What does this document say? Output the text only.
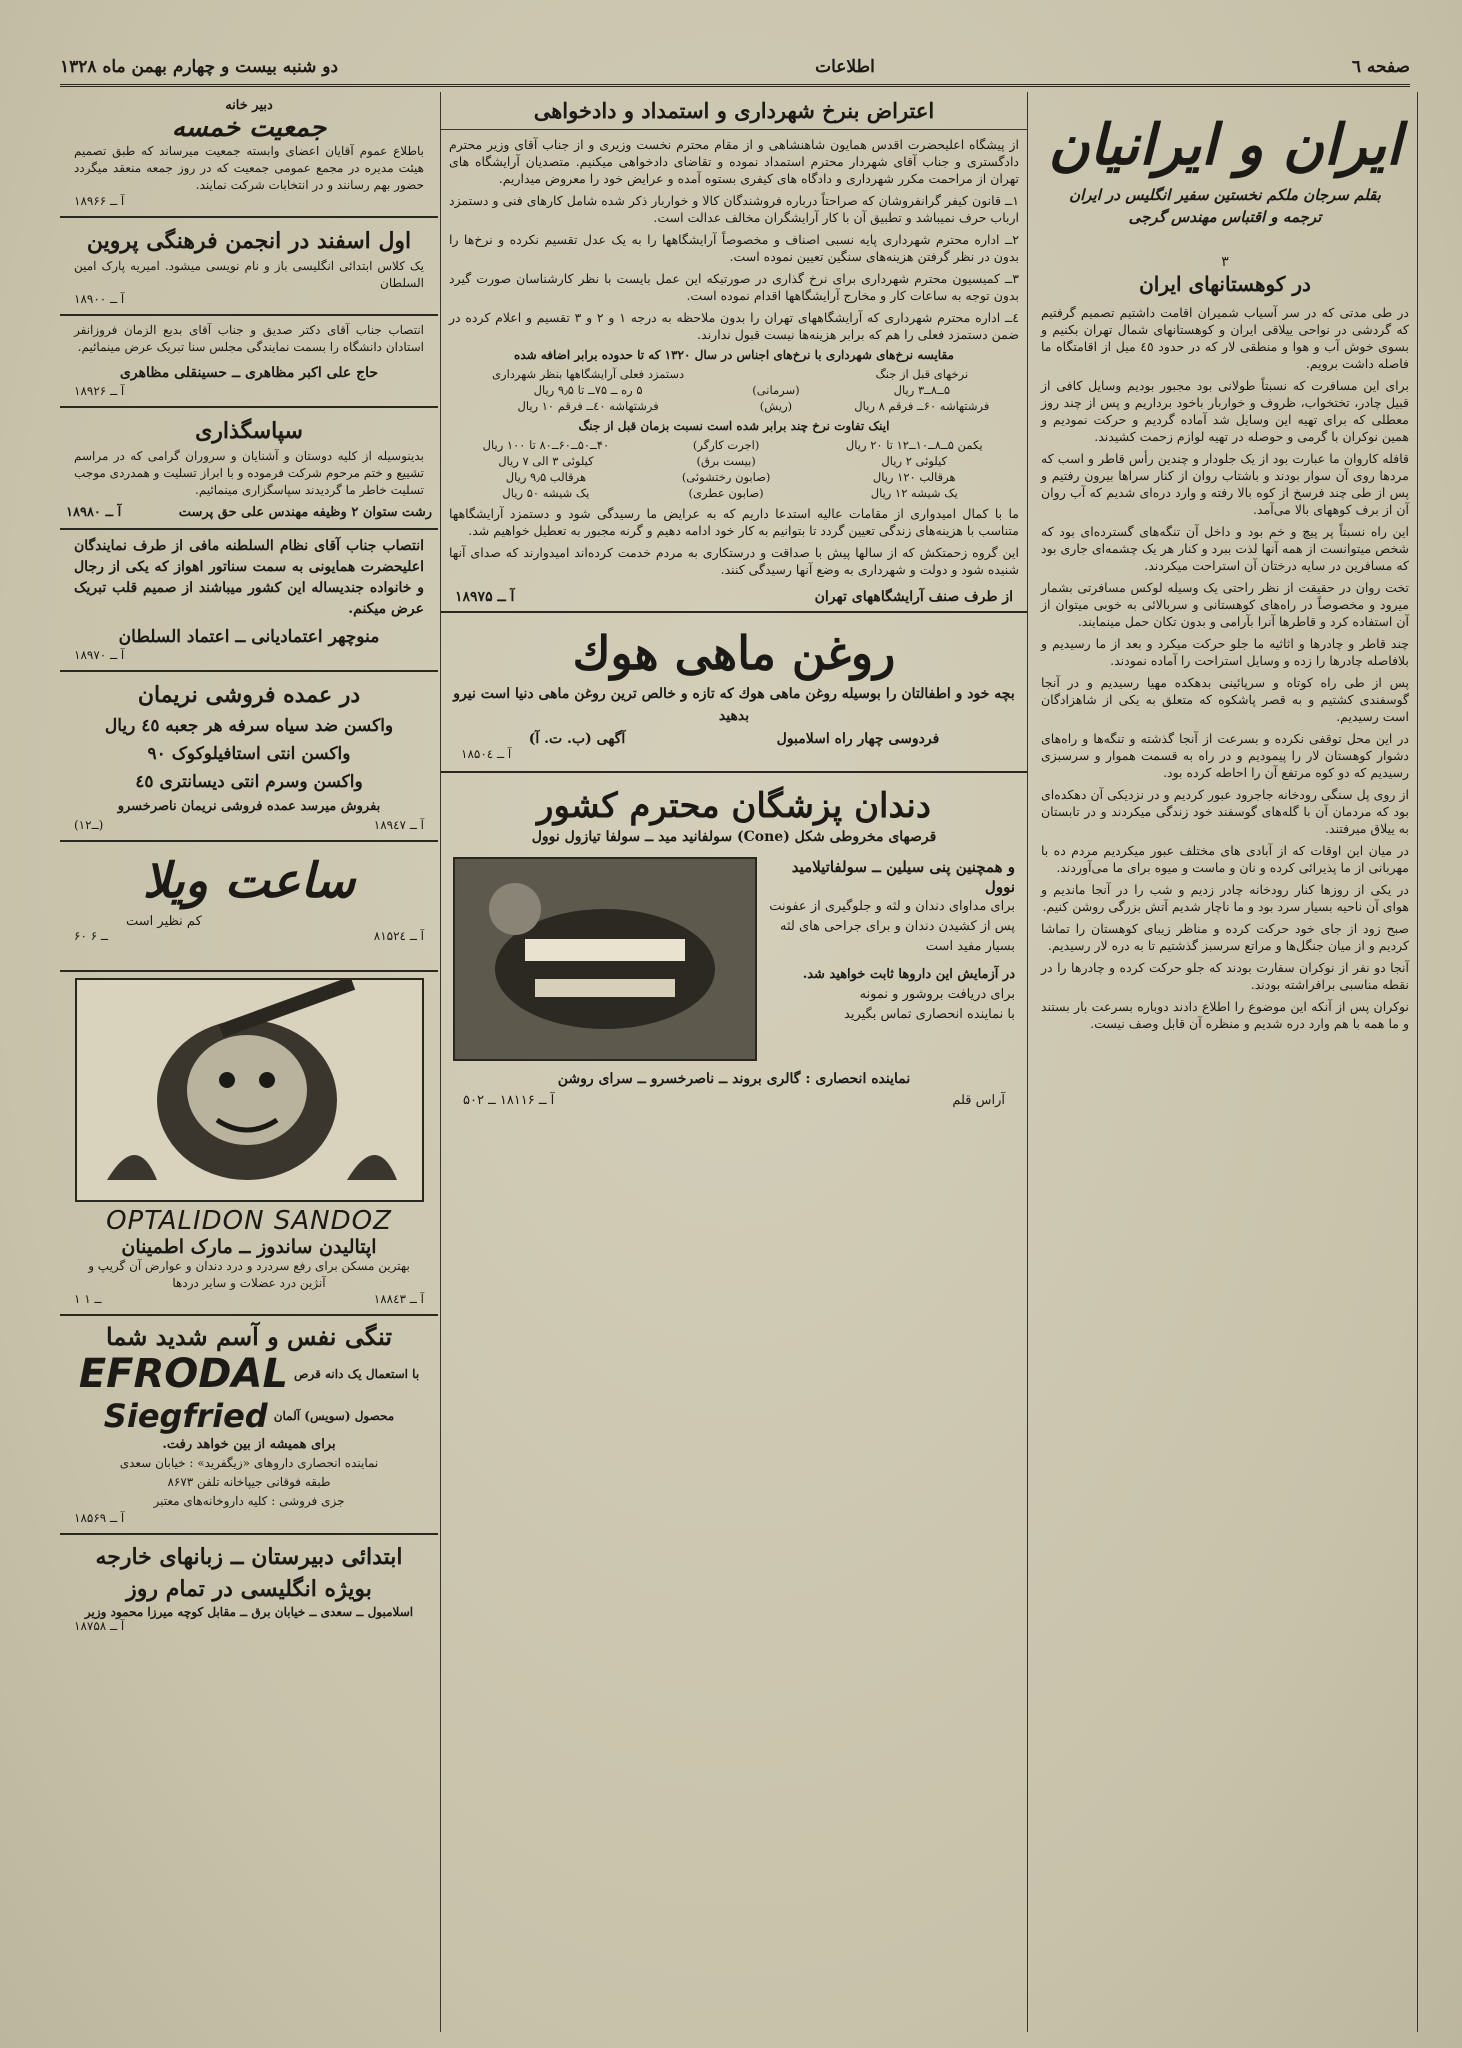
صفحه ٦
اطلاعات
دو شنبه بیست و چهارم بهمن ماه ۱۳۲۸
ایران و ایرانیان
بقلم سرجان ملکم نخستین سفیر انگلیس در ایران
ترجمه و اقتباس مهندس گرجی
۳
در کوهستانهای ایران

در طی مدتی که در سر آسیاب شمیران اقامت داشتیم تصمیم گرفتیم که گردشی در نواحی ییلاقی ایران و کوهستانهای شمال تهران بکنیم و بسوی خوش آب و هوا و منطقی لار که در حدود ٤٥ میل از اقامتگاه ما فاصله داشت برویم.

برای این مسافرت که نسبتاً طولانی بود مجبور بودیم وسایل کافی از قبیل چادر، تختخواب، ظروف و خواربار باخود برداریم و پس از چند روز معطلی که برای تهیه این وسایل شد آماده گردیم و حرکت نمودیم و همین نوکران با گرمی و حوصله در تهیه لوازم زحمت کشیدند.

قافله کاروان ما عبارت بود از یک جلودار و چندین رأس قاطر و اسب که مردها روی آن سوار بودند و باشتاب روان از کنار سراها بیرون رفتیم و پس از طی چند فرسخ از کوه بالا رفته و وارد دره‌ای شدیم که آب روان آن از برف کوههای بالا می‌آمد.

این راه نسبتاً پر پیچ و خم بود و داخل آن تنگه‌های گسترده‌ای بود که شخص میتوانست از همه آنها لذت ببرد و کنار هر یک چشمه‌ای جاری بود که مسافرین در سایه درختان آن استراحت میکردند.

تخت روان در حقیقت از نظر راحتی یک وسیله لوکس مسافرتی بشمار میرود و مخصوصاً در راه‌های کوهستانی و سربالائی به خوبی میتوان از آن استفاده کرد و قاطرها آنرا بآرامی و بدون تکان حمل مینمایند.

چند قاطر و چادرها و اثاثیه ما جلو حرکت میکرد و بعد از ما رسیدیم و بلافاصله چادرها را زده و وسایل استراحت را آماده نمودند.

پس از طی راه کوتاه و سرپائینی بدهکده مهیا رسیدیم و در آنجا گوسفندی کشتیم و به قصر پاشکوه که متعلق به یکی از شاهزادگان است رسیدیم.

در این محل توقفی نکرده و بسرعت از آنجا گذشته و تنگه‌ها و راه‌های دشوار کوهستان لار را پیمودیم و در راه به قسمت هموار و سرسبزی رسیدیم که دو کوه مرتفع آن را احاطه کرده بود.

از روی پل سنگی رودخانه جاجرود عبور کردیم و در نزدیکی آن دهکده‌ای بود که مردمان آن با گله‌های گوسفند خود زندگی میکردند و در تابستان به ییلاق میرفتند.

در میان این اوقات که از آبادی های مختلف عبور میکردیم مردم ده با مهربانی از ما پذیرائی کرده و نان و ماست و میوه برای ما می‌آوردند.

در یکی از روزها کنار رودخانه چادر زدیم و شب را در آنجا ماندیم و هوای آن ناحیه بسیار سرد بود و ما ناچار شدیم آتش بزرگی روشن کنیم.

صبح زود از جای خود حرکت کرده و مناظر زیبای کوهستان را تماشا کردیم و از میان جنگل‌ها و مراتع سرسبز گذشتیم تا به دره لار رسیدیم.

آنجا دو نفر از نوکران سفارت بودند که جلو حرکت کرده و چادرها را در نقطه مناسبی برافراشته بودند.

نوکران پس از آنکه این موضوع را اطلاع دادند دوباره بسرعت بار بستند و ما همه با هم وارد دره شدیم و منظره آن قابل وصف نیست.

اعتراض بنرخ شهرداری و استمداد و دادخواهی

از پیشگاه اعلیحضرت اقدس همایون شاهنشاهی و از مقام محترم نخست وزیری و از جناب آقای وزیر محترم دادگستری و جناب آقای شهردار محترم استمداد نموده و تقاضای دادخواهی میکنیم. متصدیان آرایشگاه های تهران از مراحمت مکرر شهرداری و دادگاه های کیفری بستوه آمده و عرایض خود را معروض میداریم.

۱ــ قانون کیفر گرانفروشان که صراحتاً درباره فروشندگان کالا و خواربار ذکر شده شامل کارهای فنی و دستمزد ارباب حرف نمیباشد و تطبیق آن با کار آرایشگران مخالف عدالت است.

۲ــ اداره محترم شهرداری پایه نسبی اصناف و مخصوصاً آرایشگاهها را به یک عدل تقسیم نکرده و نرخ‌ها را بدون در نظر گرفتن هزینه‌های سنگین تعیین نموده است.

۳ــ کمیسیون محترم شهرداری برای نرخ گذاری در صورتیکه این عمل بایست با نظر کارشناسان صورت گیرد بدون توجه به ساعات کار و مخارج آرایشگاهها اقدام نموده است.

٤ــ اداره محترم شهرداری که آرایشگاههای تهران را بدون ملاحظه به درجه ۱ و ۲ و ۳ تقسیم و اعلام کرده در ضمن دستمزد فعلی را هم که برابر هزینه‌ها نیست قبول ندارند.

مقایسه نرخ‌های شهرداری با نرخ‌های اجناس در سال ۱۳۲۰ که تا حدوده برابر اضافه شده
نرخهای قبل از جنگ		دستمزد فعلی آرایشگاهها بنظر شهرداری
۵ــ۸ــ۳ ریال	(سرمانی)	۵ ره ــ ۷۵ــ تا ۹٫۵ ریال
فرشتهاشه ۶۰ــ فرقم ۸ ریال	(ریش)	فرشتهاشه ٤۰ــ فرقم ۱۰ ریال
اینک تفاوت نرخ چند برابر شده است نسبت بزمان قبل از جنگ
یکمن ۵ــ۸ــ۱۰ــ۱۲ تا ۲۰ ریال	(اجرت کارگر)	۴۰ــ۵۰ــ۶۰ــ۸۰ تا ۱۰۰ ریال
کیلوئی ۲ ریال	(بیست برق)	کیلوئی ۳ الی ۷ ریال
هرقالب ۱۲۰ ریال	(صابون رختشوئی)	هرقالب ۹٫۵ ریال
یک شیشه ۱۲ ریال	(صابون عطری)	یک شیشه ۵۰ ریال

ما با کمال امیدواری از مقامات عالیه استدعا داریم که به عرایض ما رسیدگی شود و دستمزد آرایشگاهها متناسب با هزینه‌های زندگی تعیین گردد تا بتوانیم به کار خود ادامه دهیم و گرنه مجبور به تعطیل خواهیم شد.

این گروه زحمتکش که از سالها پیش با صداقت و درستکاری به مردم خدمت کرده‌اند امیدوارند که صدای آنها شنیده شود و دولت و شهرداری به وضع آنها رسیدگی کنند.

از طرف صنف آرایشگاههای تهران
آ ــ ۱۸۹۷۵
روغن ماهی هوك
بچه خود و اطفالتان را بوسیله روغن ماهی هوك که تازه و خالص ترین روغن ماهی دنیا است نیرو بدهید
فردوسی چهار راه اسلامبول
آگهی (ب. ت. آ)
آ ــ ۱۸۵۰٤
دندان پزشگان محترم کشور
قرصهای مخروطی شکل (Cone) سولفانید مید ــ سولفا تیازول نوول
و همچنین پنی سیلین ــ سولفاتیلامید نوول
برای مداوای دندان و لثه و جلوگیری از عفونت پس از کشیدن دندان و برای جراحی های لثه بسیار مفید است
در آزمایش این داروها ثابت خواهید شد.
برای دریافت بروشور و نمونه
با نماینده انحصاری تماس بگیرید
نماینده انحصاری : گالری بروند ــ ناصرخسرو ــ سرای روشن
آراس قلم
آ ــ ۱۸۱۱۶ ــ ۵۰۲
دبیر خانه
جمعیت خمسه
باطلاع عموم آقایان اعضای وابسته جمعیت میرساند که طبق تصمیم هیئت مدیره در مجمع عمومی جمعیت که در روز جمعه منعقد میگردد حضور بهم رسانند و در انتخابات شرکت نمایند.
آ ــ ۱۸۹۶۶
اول اسفند در انجمن فرهنگی پروین
یک کلاس ابتدائی انگلیسی باز و نام نویسی میشود. امیریه پارک امین السلطان
آ ــ ۱۸۹۰۰
انتصاب جناب آقای دکتر صدیق و جناب آقای بدیع الزمان فروزانفر استادان دانشگاه را بسمت نمایندگی مجلس سنا تبریک عرض مینمائیم.
حاج علی اکبر مظاهری ــ حسینقلی مظاهری
آ ــ ۱۸۹۲۶
سپاسگذاری
بدینوسیله از کلیه دوستان و آشنایان و سروران گرامی که در مراسم تشییع و ختم مرحوم شرکت فرموده و با ابراز تسلیت و همدردی موجب تسلیت خاطر ما گردیدند سپاسگزاری مینمائیم.
رشت ستوان ۲ وظیفه مهندس علی حق پرست
آ ــ ۱۸۹۸۰
انتصاب جناب آقای نظام السلطنه مافی از طرف نمایندگان اعلیحضرت همایونی به سمت سناتور اهواز که یکی از رجال و خانواده جندیساله این کشور میباشند از صمیم قلب تبریک عرض میکنم.
منوچهر اعتمادیانی ــ اعتماد السلطان
آ ــ ۱۸۹۷۰
در عمده فروشی نریمان
واکسن ضد سیاه سرفه هر جعبه ٤٥ ریال
واکسن انتی استافیلوکوک ۹۰
واکسن وسرم انتی دیسانتری ٤٥
بفروش میرسد عمده فروشی نریمان ناصرخسرو
(۱ــ۲)	آ ــ ۱۸۹٤۷
ساعت ویلا
کم نظیر است
۶۰ ــ ۶	آ ــ ۸۱۵۲٤
OPTALIDON SANDOZ
اپتالیدن ساندوز ــ مارک اطمینان
بهترین مسکن برای رفع سردرد و درد دندان و عوارض آن گریپ و آنژین درد عضلات و سایر دردها
۱ ــ ۱	آ ــ ۱۸۸٤۳
تنگی نفس و آسم شدید شما
EFRODAL با استعمال یک دانه قرص
Siegfried محصول (سویس) آلمان
برای همیشه از بین خواهد رفت.
نماینده انحصاری داروهای «زیگفرید» : خیابان سعدی
طبقه فوقانی جیپاخانه تلفن ۸۶۷۳
جزی فروشی : کلیه داروخانه‌های معتبر
آ ــ ۱۸۵۶۹
ابتدائی دبیرستان ــ زبانهای خارجه
بویژه انگلیسی در تمام روز
اسلامبول ــ سعدی ــ خیابان برق ــ مقابل کوچه میرزا محمود وزیر
آ ــ ۱۸۷۵۸
